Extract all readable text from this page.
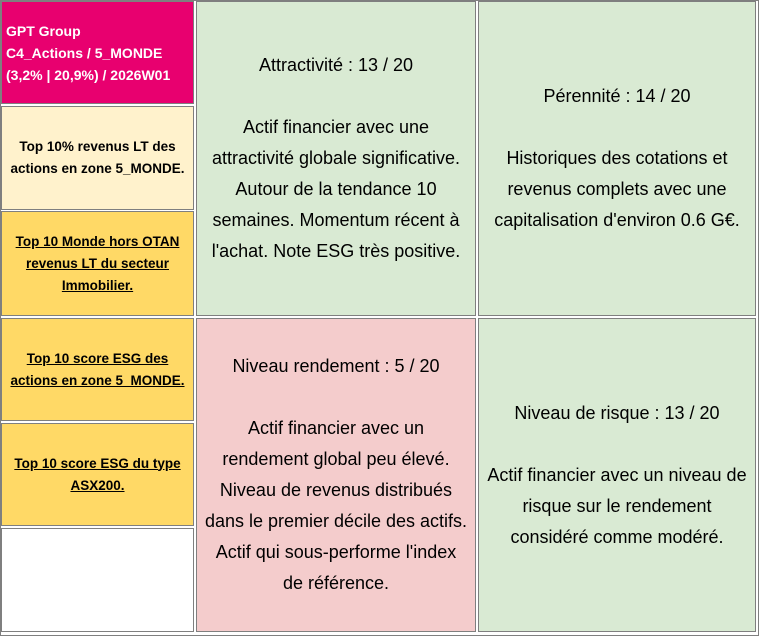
GPT Group
C4_Actions / 5_MONDE
(3,2% | 20,9%) / 2026W01
Top 10% revenus LT des
actions en zone 5_MONDE.
Top 10 Monde hors OTAN
revenus LT du secteur
Immobilier.
Top 10 score ESG des
actions en zone 5_MONDE.
Top 10 score ESG du type
ASX200.
Attractivité : 13 / 20
Actif financier avec une
attractivité globale significative.
Autour de la tendance 10
semaines. Momentum récent à
l'achat. Note ESG très positive.
Pérennité : 14 / 20
Historiques des cotations et
revenus complets avec une
capitalisation d'environ 0.6 G€.
Niveau rendement : 5 / 20
Actif financier avec un
rendement global peu élevé.
Niveau de revenus distribués
dans le premier décile des actifs.
Actif qui sous-performe l'index
de référence.
Niveau de risque : 13 / 20
Actif financier avec un niveau de
risque sur le rendement
considéré comme modéré.
